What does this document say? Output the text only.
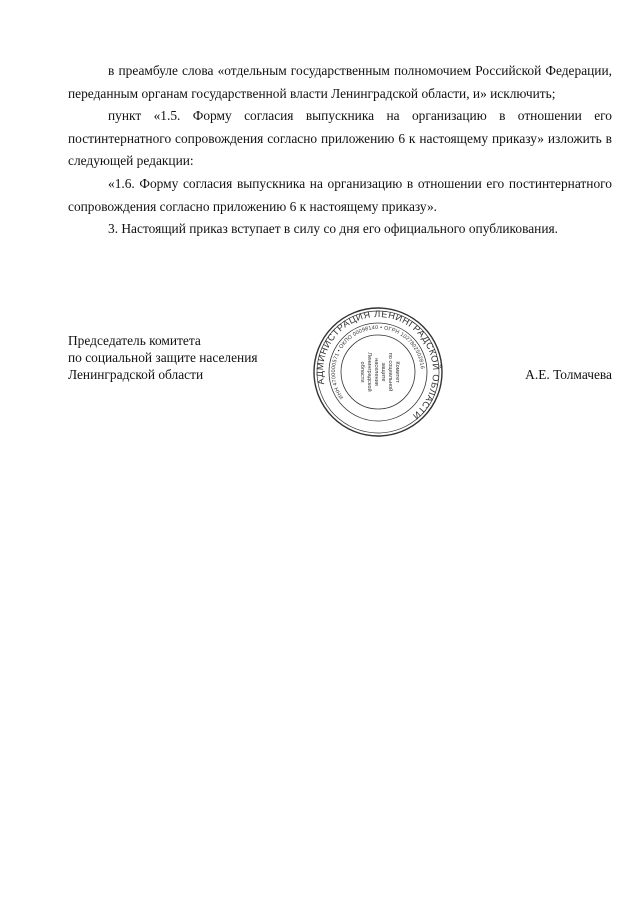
в преамбуле слова «отдельным государственным полномочием Российской Федерации, переданным органам государственной власти Ленинградской области, и» исключить;

пункт «1.5. Форму согласия выпускника на организацию в отношении его постинтернатного сопровождения согласно приложению 6 к настоящему приказу» изложить в следующей редакции:

«1.6. Форму согласия выпускника на организацию в отношении его постинтернатного сопровождения согласно приложению 6 к настоящему приказу».

3. Настоящий приказ вступает в силу со дня его официального опубликования.

Председатель комитета
по социальной защите населения
Ленинградской области	А.Е. Толмачева
АДМИНИСТРАЦИЯ ЛЕНИНГРАДСКОЙ ОБЛАСТИ
ИНН 4700000571 • ОКПО 00098140 • ОГРН 1027802502816
Комитет
по социальной
защите
населения
Ленинградской
области
